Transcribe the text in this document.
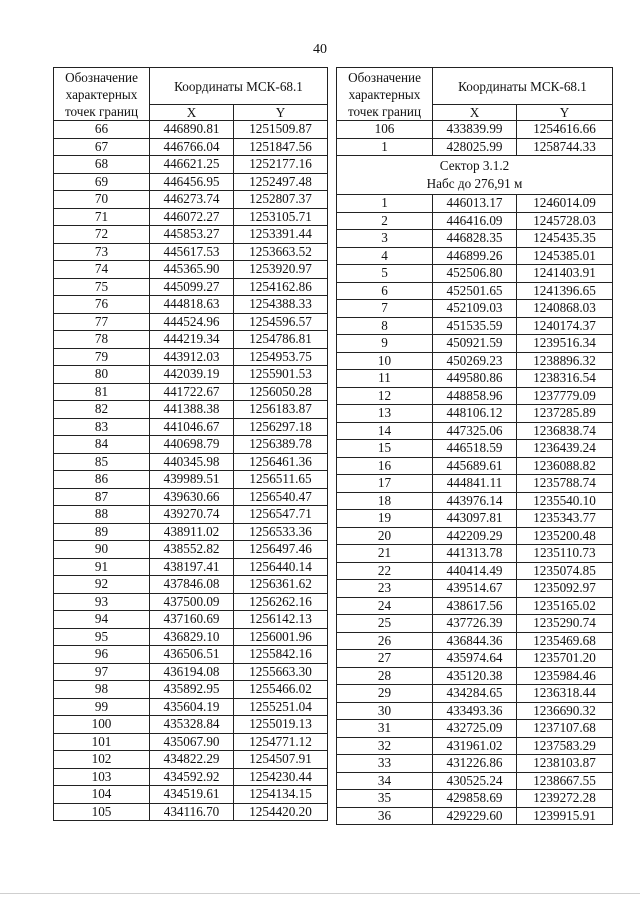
40
Обозначение характерных точек границ	Координаты МСК-68.1	
	X	Y
66	446890.81	1251509.87
67	446766.04	1251847.56
68	446621.25	1252177.16
69	446456.95	1252497.48
70	446273.74	1252807.37
71	446072.27	1253105.71
72	445853.27	1253391.44
73	445617.53	1253663.52
74	445365.90	1253920.97
75	445099.27	1254162.86
76	444818.63	1254388.33
77	444524.96	1254596.57
78	444219.34	1254786.81
79	443912.03	1254953.75
80	442039.19	1255901.53
81	441722.67	1256050.28
82	441388.38	1256183.87
83	441046.67	1256297.18
84	440698.79	1256389.78
85	440345.98	1256461.36
86	439989.51	1256511.65
87	439630.66	1256540.47
88	439270.74	1256547.71
89	438911.02	1256533.36
90	438552.82	1256497.46
91	438197.41	1256440.14
92	437846.08	1256361.62
93	437500.09	1256262.16
94	437160.69	1256142.13
95	436829.10	1256001.96
96	436506.51	1255842.16
97	436194.08	1255663.30
98	435892.95	1255466.02
99	435604.19	1255251.04
100	435328.84	1255019.13
101	435067.90	1254771.12
102	434822.29	1254507.91
103	434592.92	1254230.44
104	434519.61	1254134.15
105	434116.70	1254420.20
Обозначение характерных точек границ	Координаты МСК-68.1	
	X	Y
106	433839.99	1254616.66
1	428025.99	1258744.33
Сектор 3.1.2
Набс до 276,91 м		
1	446013.17	1246014.09
2	446416.09	1245728.03
3	446828.35	1245435.35
4	446899.26	1245385.01
5	452506.80	1241403.91
6	452501.65	1241396.65
7	452109.03	1240868.03
8	451535.59	1240174.37
9	450921.59	1239516.34
10	450269.23	1238896.32
11	449580.86	1238316.54
12	448858.96	1237779.09
13	448106.12	1237285.89
14	447325.06	1236838.74
15	446518.59	1236439.24
16	445689.61	1236088.82
17	444841.11	1235788.74
18	443976.14	1235540.10
19	443097.81	1235343.77
20	442209.29	1235200.48
21	441313.78	1235110.73
22	440414.49	1235074.85
23	439514.67	1235092.97
24	438617.56	1235165.02
25	437726.39	1235290.74
26	436844.36	1235469.68
27	435974.64	1235701.20
28	435120.38	1235984.46
29	434284.65	1236318.44
30	433493.36	1236690.32
31	432725.09	1237107.68
32	431961.02	1237583.29
33	431226.86	1238103.87
34	430525.24	1238667.55
35	429858.69	1239272.28
36	429229.60	1239915.91
